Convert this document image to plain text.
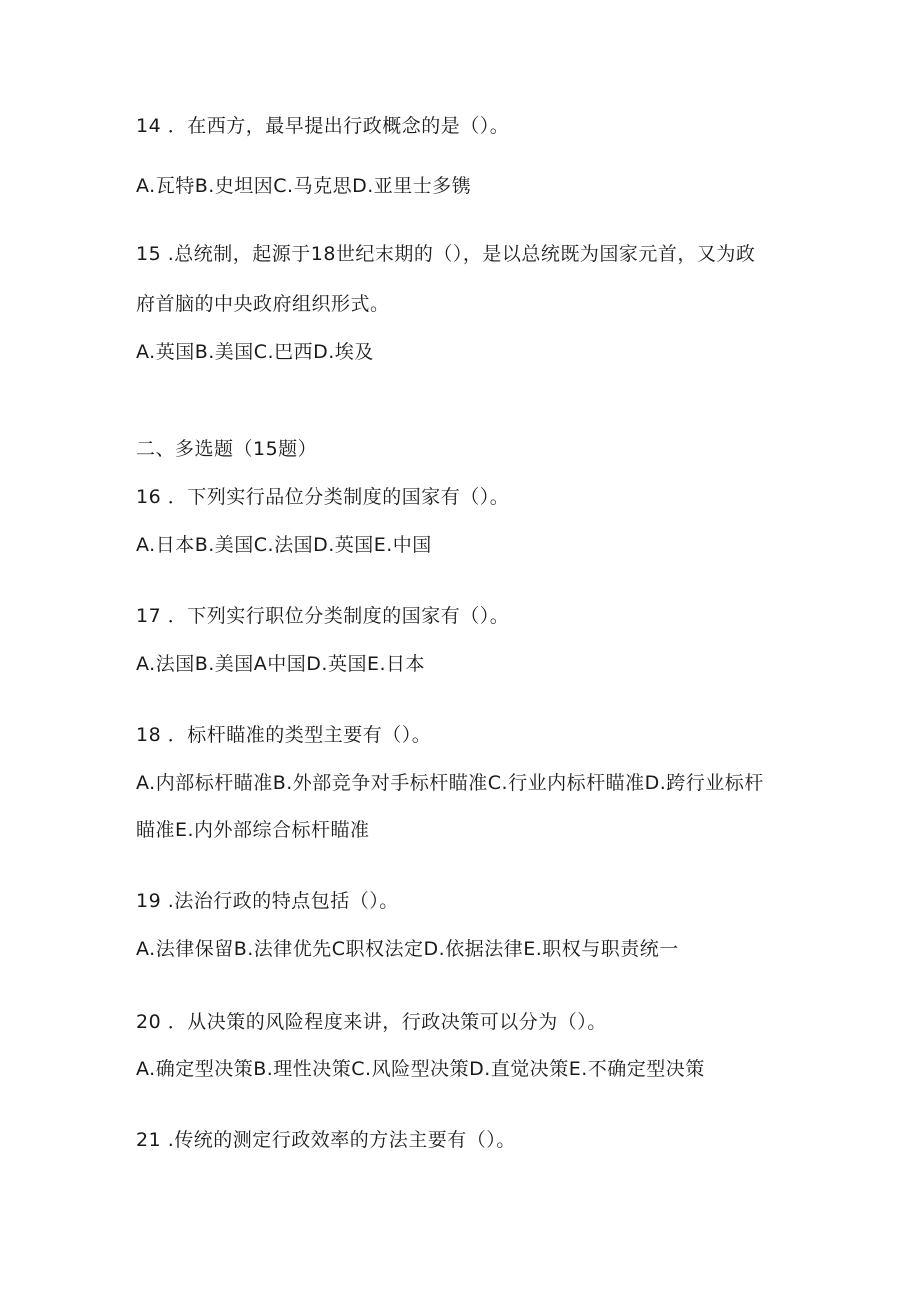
14 ．在西方，最早提出行政概念的是（）。
A.瓦特B.史坦因C.马克思D.亚里士多镌
15 .总统制，起源于18世纪末期的（），是以总统既为国家元首，又为政
府首脑的中央政府组织形式。
A.英国B.美国C.巴西D.埃及
二、多选题（15题）
16 ．下列实行品位分类制度的国家有（）。
A.日本B.美国C.法国D.英国E.中国
17 ．下列实行职位分类制度的国家有（）。
A.法国B.美国A中国D.英国E.日本
18 ．标杆瞄准的类型主要有（）。
A.内部标杆瞄准B.外部竞争对手标杆瞄准C.行业内标杆瞄准D.跨行业标杆
瞄准E.内外部综合标杆瞄准
19 .法治行政的特点包括（）。
A.法律保留B.法律优先C职权法定D.依据法律E.职权与职责统一
20 ．从决策的风险程度来讲，行政决策可以分为（）。
A.确定型决策B.理性决策C.风险型决策D.直觉决策E.不确定型决策
21 .传统的测定行政效率的方法主要有（）。
